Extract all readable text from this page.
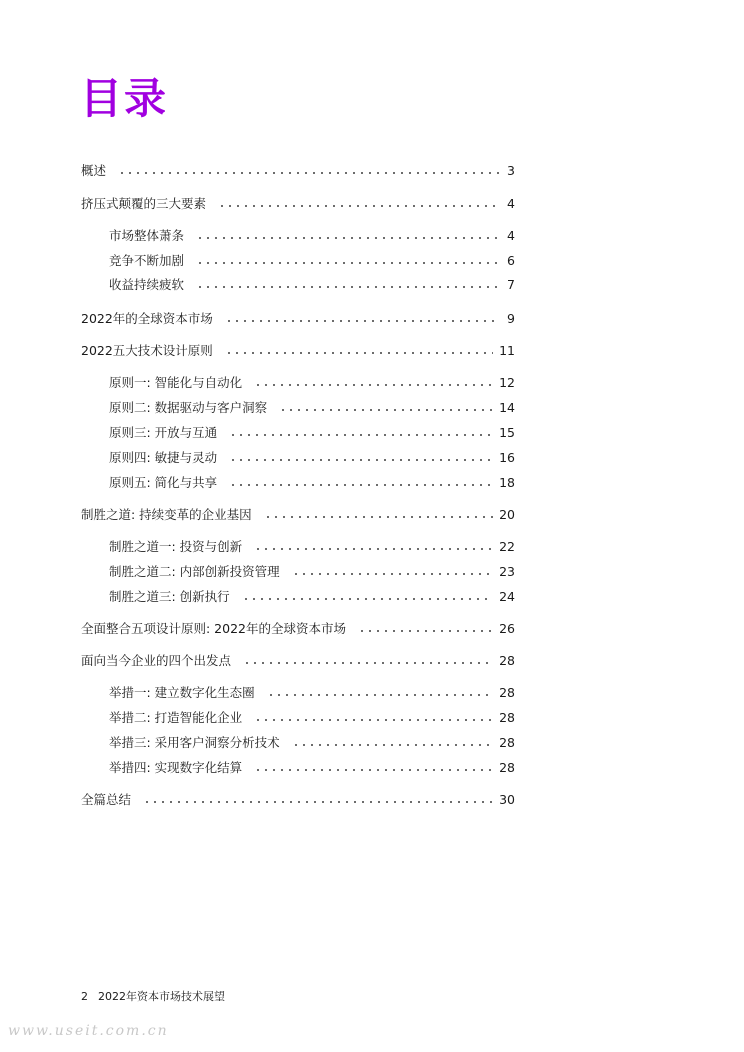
目录
概述	3
挤压式颠覆的三大要素	4
市场整体萧条	4
竞争不断加剧	6
收益持续疲软	7
2022年的全球资本市场	9
2022五大技术设计原则	11
原则一: 智能化与自动化	12
原则二: 数据驱动与客户洞察	14
原则三: 开放与互通	15
原则四: 敏捷与灵动	16
原则五: 简化与共享	18
制胜之道: 持续变革的企业基因	20
制胜之道一: 投资与创新	22
制胜之道二: 内部创新投资管理	23
制胜之道三: 创新执行	24
全面整合五项设计原则: 2022年的全球资本市场	26
面向当今企业的四个出发点	28
举措一: 建立数字化生态圈	28
举措二: 打造智能化企业	28
举措三: 采用客户洞察分析技术	28
举措四: 实现数字化结算	28
全篇总结	30
2 2022年资本市场技术展望
www.useit.com.cn
